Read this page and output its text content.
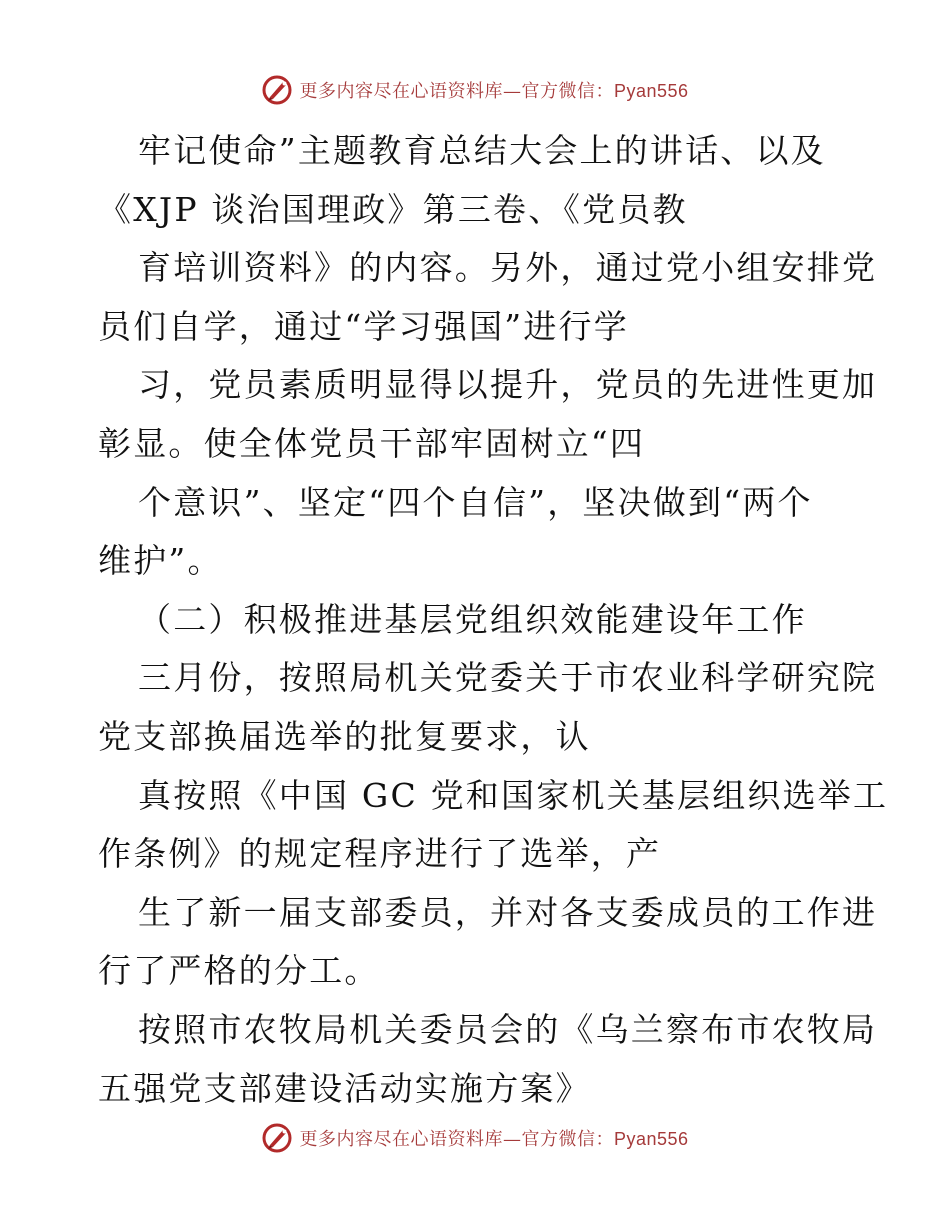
更多内容尽在心语资料库—官方微信：Pyan556
牢记使命”主题教育总结大会上的讲话、以及
《XJP 谈治国理政》第三卷、《党员教
育培训资料》的内容。另外，通过党小组安排党
员们自学，通过“学习强国”进行学
习，党员素质明显得以提升，党员的先进性更加
彰显。使全体党员干部牢固树立“四
个意识”、坚定“四个自信”，坚决做到“两个
维护”。
（二）积极推进基层党组织效能建设年工作
三月份，按照局机关党委关于市农业科学研究院
党支部换届选举的批复要求，认
真按照《中国 GC 党和国家机关基层组织选举工
作条例》的规定程序进行了选举，产
生了新一届支部委员，并对各支委成员的工作进
行了严格的分工。
按照市农牧局机关委员会的《乌兰察布市农牧局
五强党支部建设活动实施方案》
更多内容尽在心语资料库—官方微信：Pyan556
